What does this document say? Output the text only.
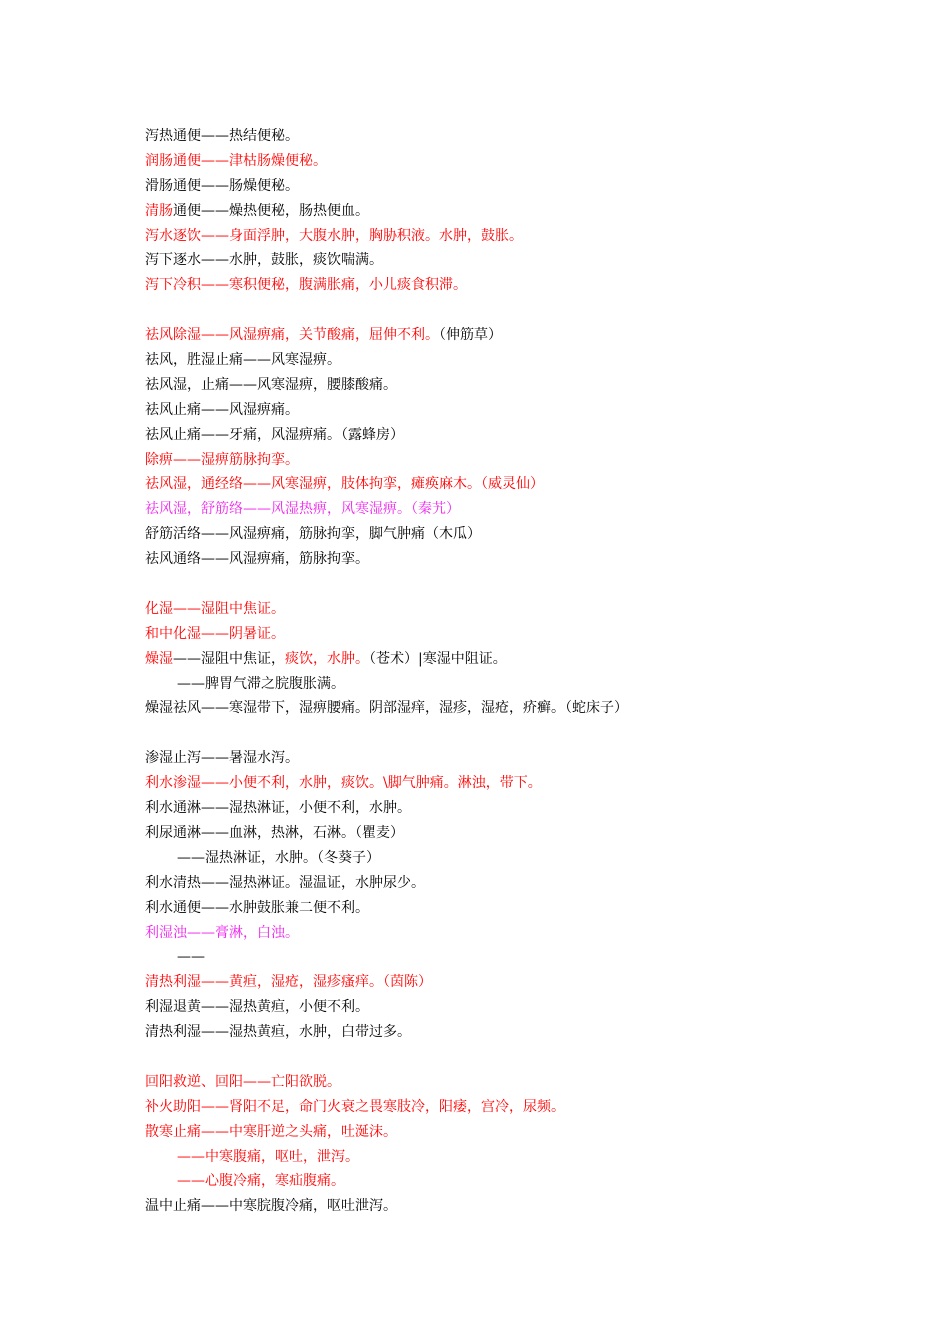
泻热通便——热结便秘。
润肠通便——津枯肠燥便秘。
滑肠通便——肠燥便秘。
清肠通便——燥热便秘，肠热便血。
泻水逐饮——身面浮肿，大腹水肿，胸胁积液。水肿，鼓胀。
泻下逐水——水肿，鼓胀，痰饮喘满。
泻下冷积——寒积便秘，腹满胀痛，小儿痰食积滞。
祛风除湿——风湿痹痛，关节酸痛，屈伸不利。（伸筋草）
祛风，胜湿止痛——风寒湿痹。
祛风湿，止痛——风寒湿痹，腰膝酸痛。
祛风止痛——风湿痹痛。
祛风止痛——牙痛，风湿痹痛。（露蜂房）
除痹——湿痹筋脉拘挛。
祛风湿，通经络——风寒湿痹，肢体拘挛，瘫痪麻木。（威灵仙）
祛风湿，舒筋络——风湿热痹，风寒湿痹。（秦艽）
舒筋活络——风湿痹痛，筋脉拘挛，脚气肿痛（木瓜）
祛风通络——风湿痹痛，筋脉拘挛。
化湿——湿阻中焦证。
和中化湿——阴暑证。
燥湿——湿阻中焦证，痰饮，水肿。（苍术）|寒湿中阻证。
——脾胃气滞之脘腹胀满。
燥湿祛风——寒湿带下，湿痹腰痛。阴部湿痒，湿疹，湿疮，疥癣。（蛇床子）
渗湿止泻——暑湿水泻。
利水渗湿——小便不利，水肿，痰饮。\脚气肿痛。淋浊，带下。
利水通淋——湿热淋证，小便不利，水肿。
利尿通淋——血淋，热淋，石淋。（瞿麦）
——湿热淋证，水肿。（冬葵子）
利水清热——湿热淋证。湿温证，水肿尿少。
利水通便——水肿鼓胀兼二便不利。
利湿浊——膏淋，白浊。
——
清热利湿——黄疸，湿疮，湿疹瘙痒。（茵陈）
利湿退黄——湿热黄疸，小便不利。
清热利湿——湿热黄疸，水肿，白带过多。
回阳救逆、回阳——亡阳欲脱。
补火助阳——肾阳不足，命门火衰之畏寒肢冷，阳痿，宫冷，尿频。
散寒止痛——中寒肝逆之头痛，吐涎沫。
——中寒腹痛，呕吐，泄泻。
——心腹冷痛，寒疝腹痛。
温中止痛——中寒脘腹冷痛，呕吐泄泻。
